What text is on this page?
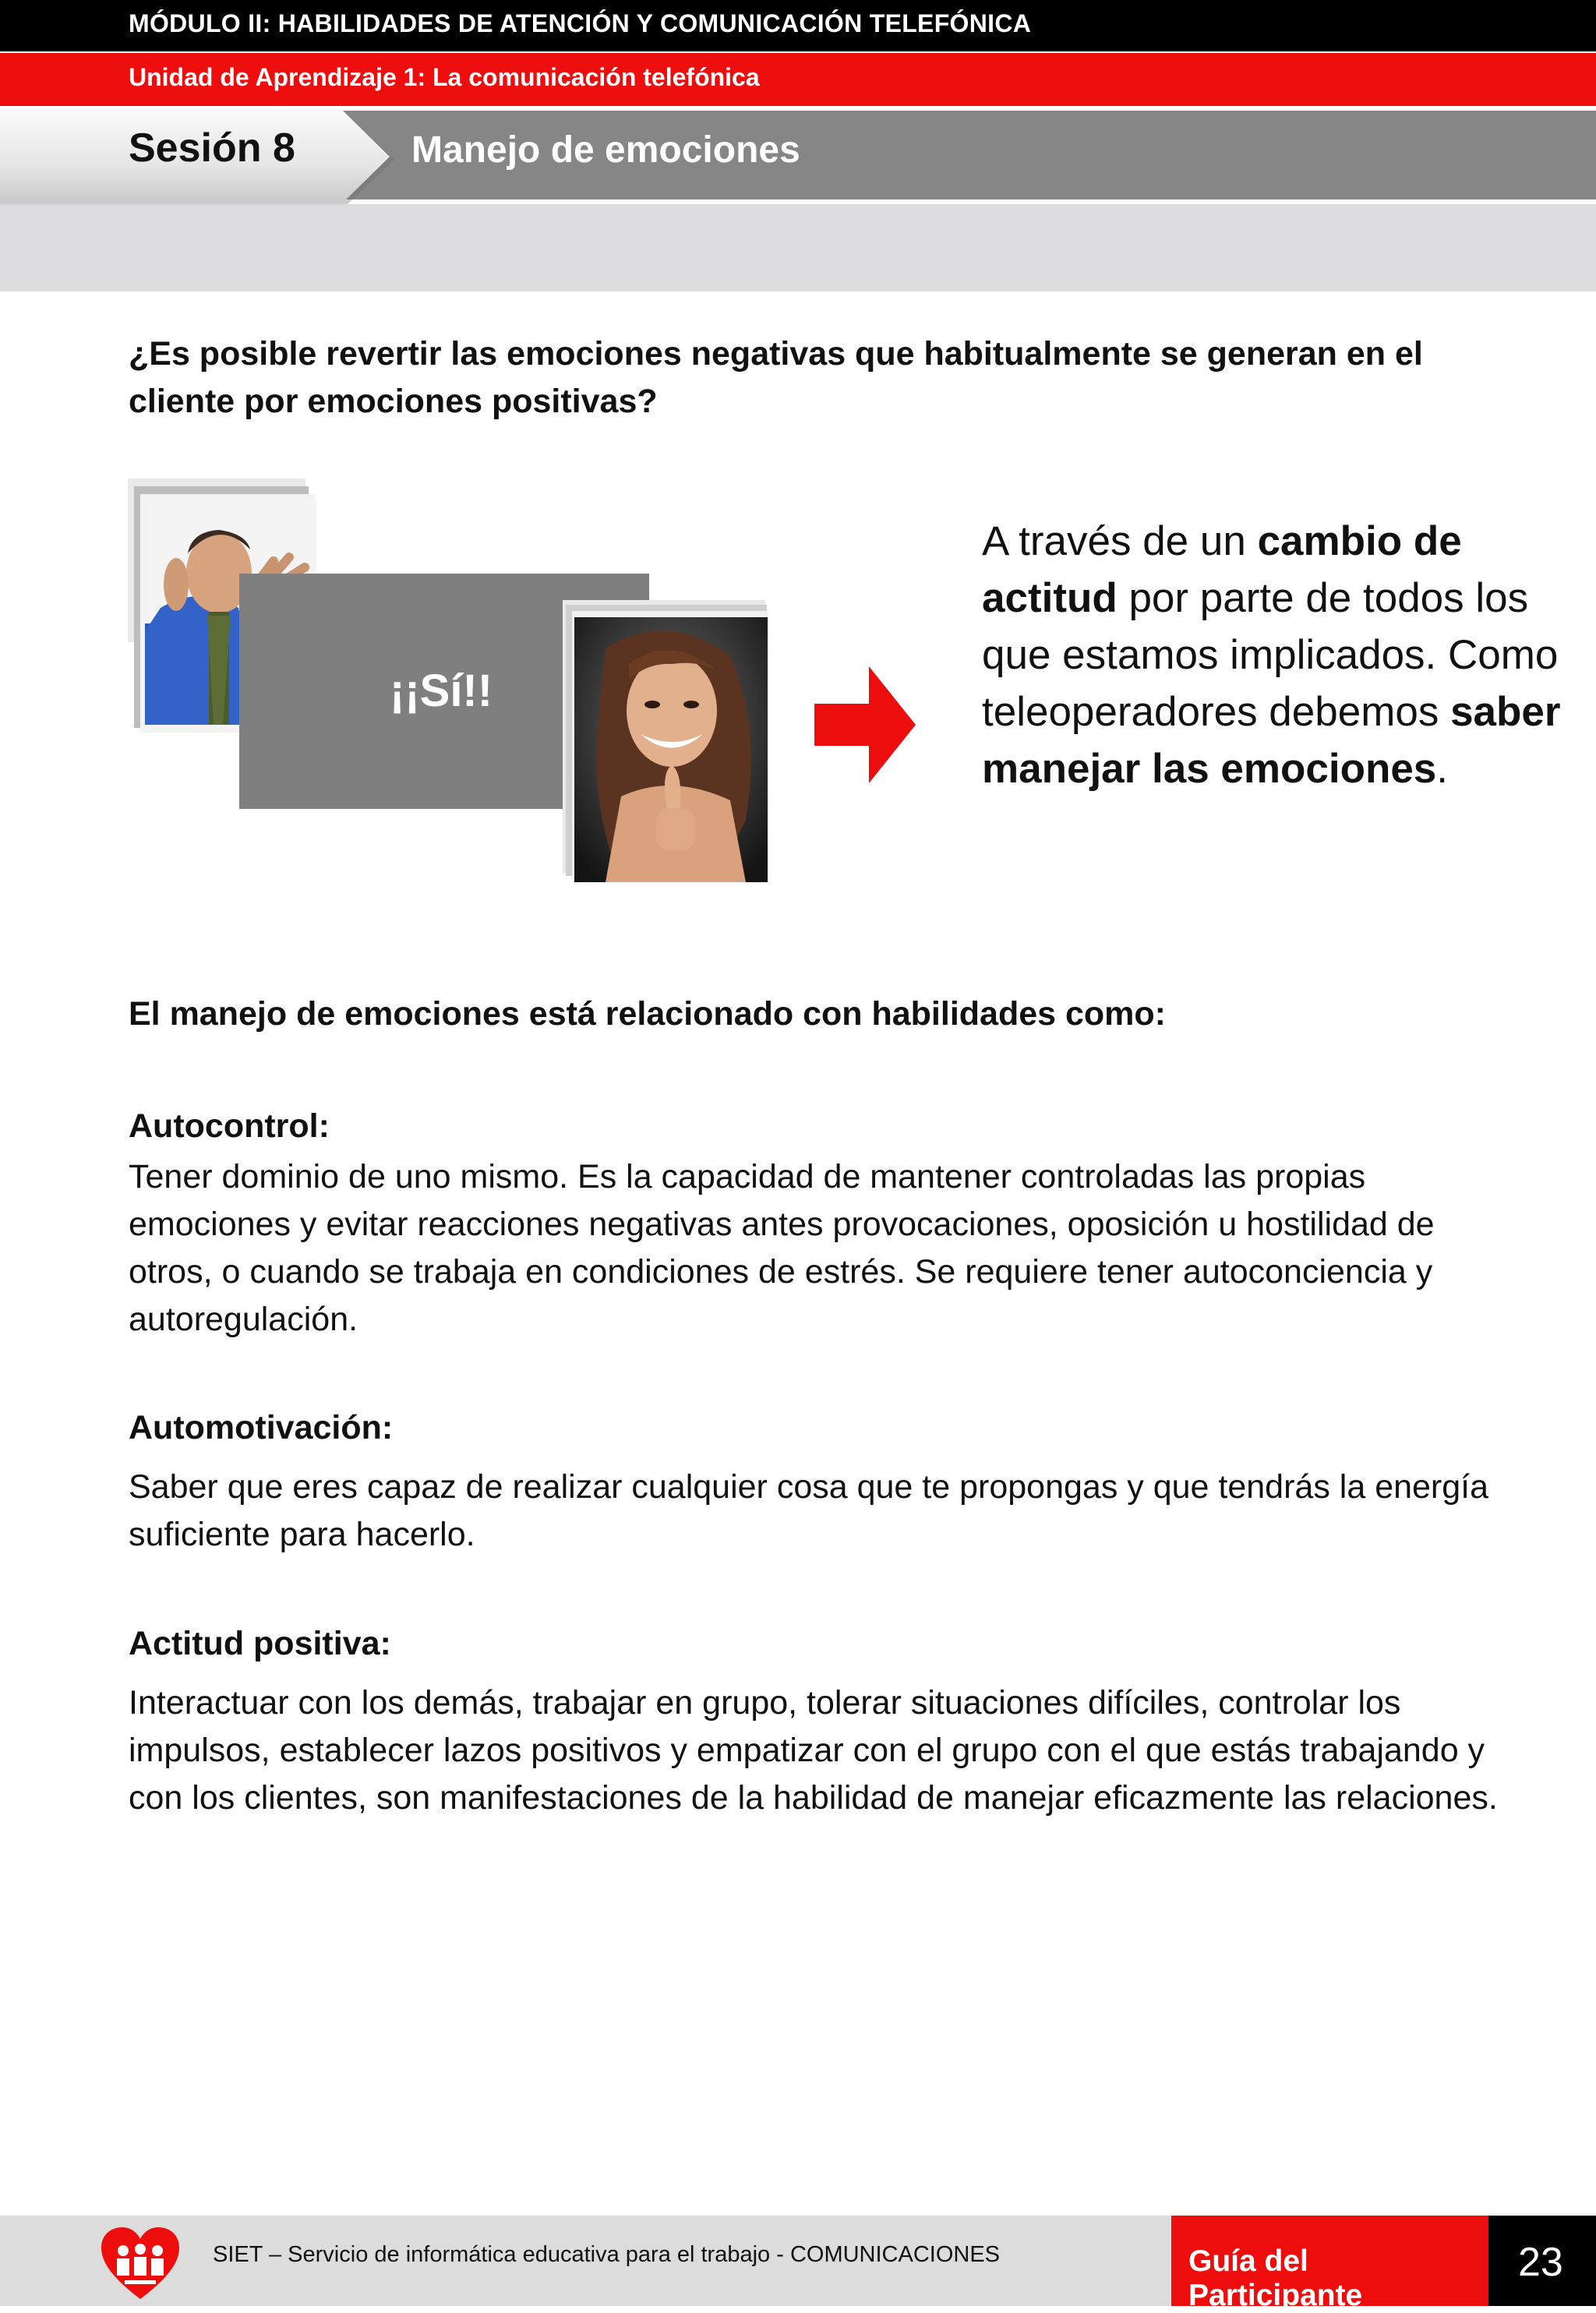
MÓDULO II: HABILIDADES DE ATENCIÓN Y COMUNICACIÓN TELEFÓNICA
Unidad de Aprendizaje 1: La comunicación telefónica
Sesión 8	Manejo de emociones
¿Es posible revertir las emociones negativas que habitualmente se generan en el cliente por emociones positivas?
¡¡Sí!!
A través de un cambio de actitud por parte de todos los que estamos implicados. Como teleoperadores debemos saber manejar las emociones.
El manejo de emociones está relacionado con habilidades como:
Autocontrol:
Tener dominio de uno mismo. Es la capacidad de mantener controladas las propias emociones y evitar reacciones negativas antes provocaciones, oposición u hostilidad de otros, o cuando se trabaja en condiciones de estrés. Se requiere tener autoconciencia y autoregulación.
Automotivación:
Saber que eres capaz de realizar cualquier cosa que te propongas y que tendrás la energía suficiente para hacerlo.
Actitud positiva:
Interactuar con los demás, trabajar en grupo, tolerar situaciones difíciles, controlar los impulsos, establecer lazos positivos y empatizar con el grupo con el que estás trabajando y con los clientes, son manifestaciones de la habilidad de manejar eficazmente las relaciones.
SIET – Servicio de informática educativa para el trabajo - COMUNICACIONES	Guía del Participante
23
